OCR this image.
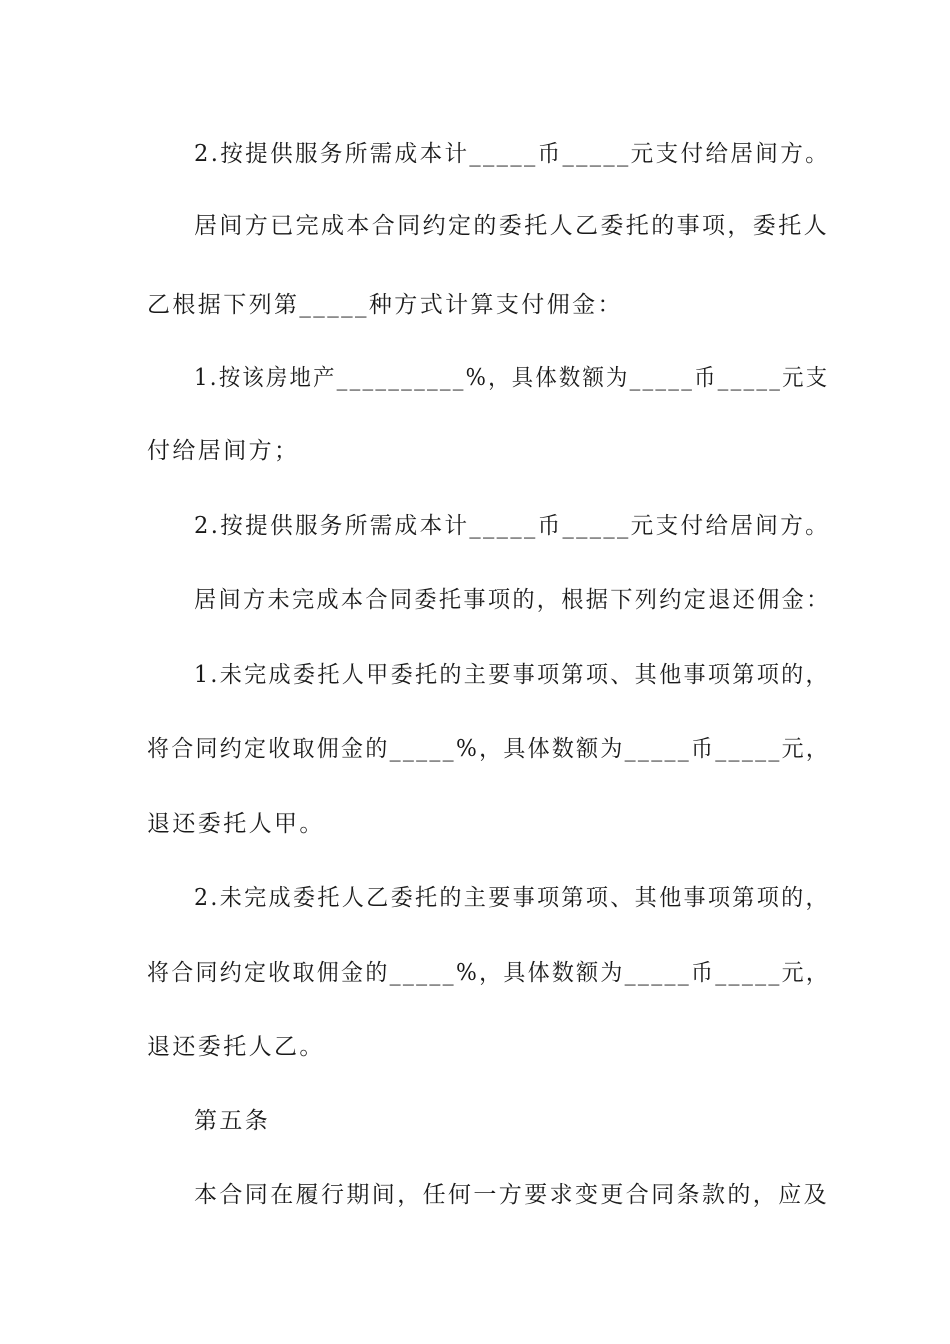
2.按提供服务所需成本计_____币_____元支付给居间方。
居间方已完成本合同约定的委托人乙委托的事项，委托人
乙根据下列第_____种方式计算支付佣金：
1.按该房地产__________%，具体数额为_____币_____元支
付给居间方；
2.按提供服务所需成本计_____币_____元支付给居间方。
居间方未完成本合同委托事项的，根据下列约定退还佣金：
1.未完成委托人甲委托的主要事项第项、其他事项第项的，
将合同约定收取佣金的_____%，具体数额为_____币_____元，
退还委托人甲。
2.未完成委托人乙委托的主要事项第项、其他事项第项的，
将合同约定收取佣金的_____%，具体数额为_____币_____元，
退还委托人乙。
第五条
本合同在履行期间，任何一方要求变更合同条款的，应及
